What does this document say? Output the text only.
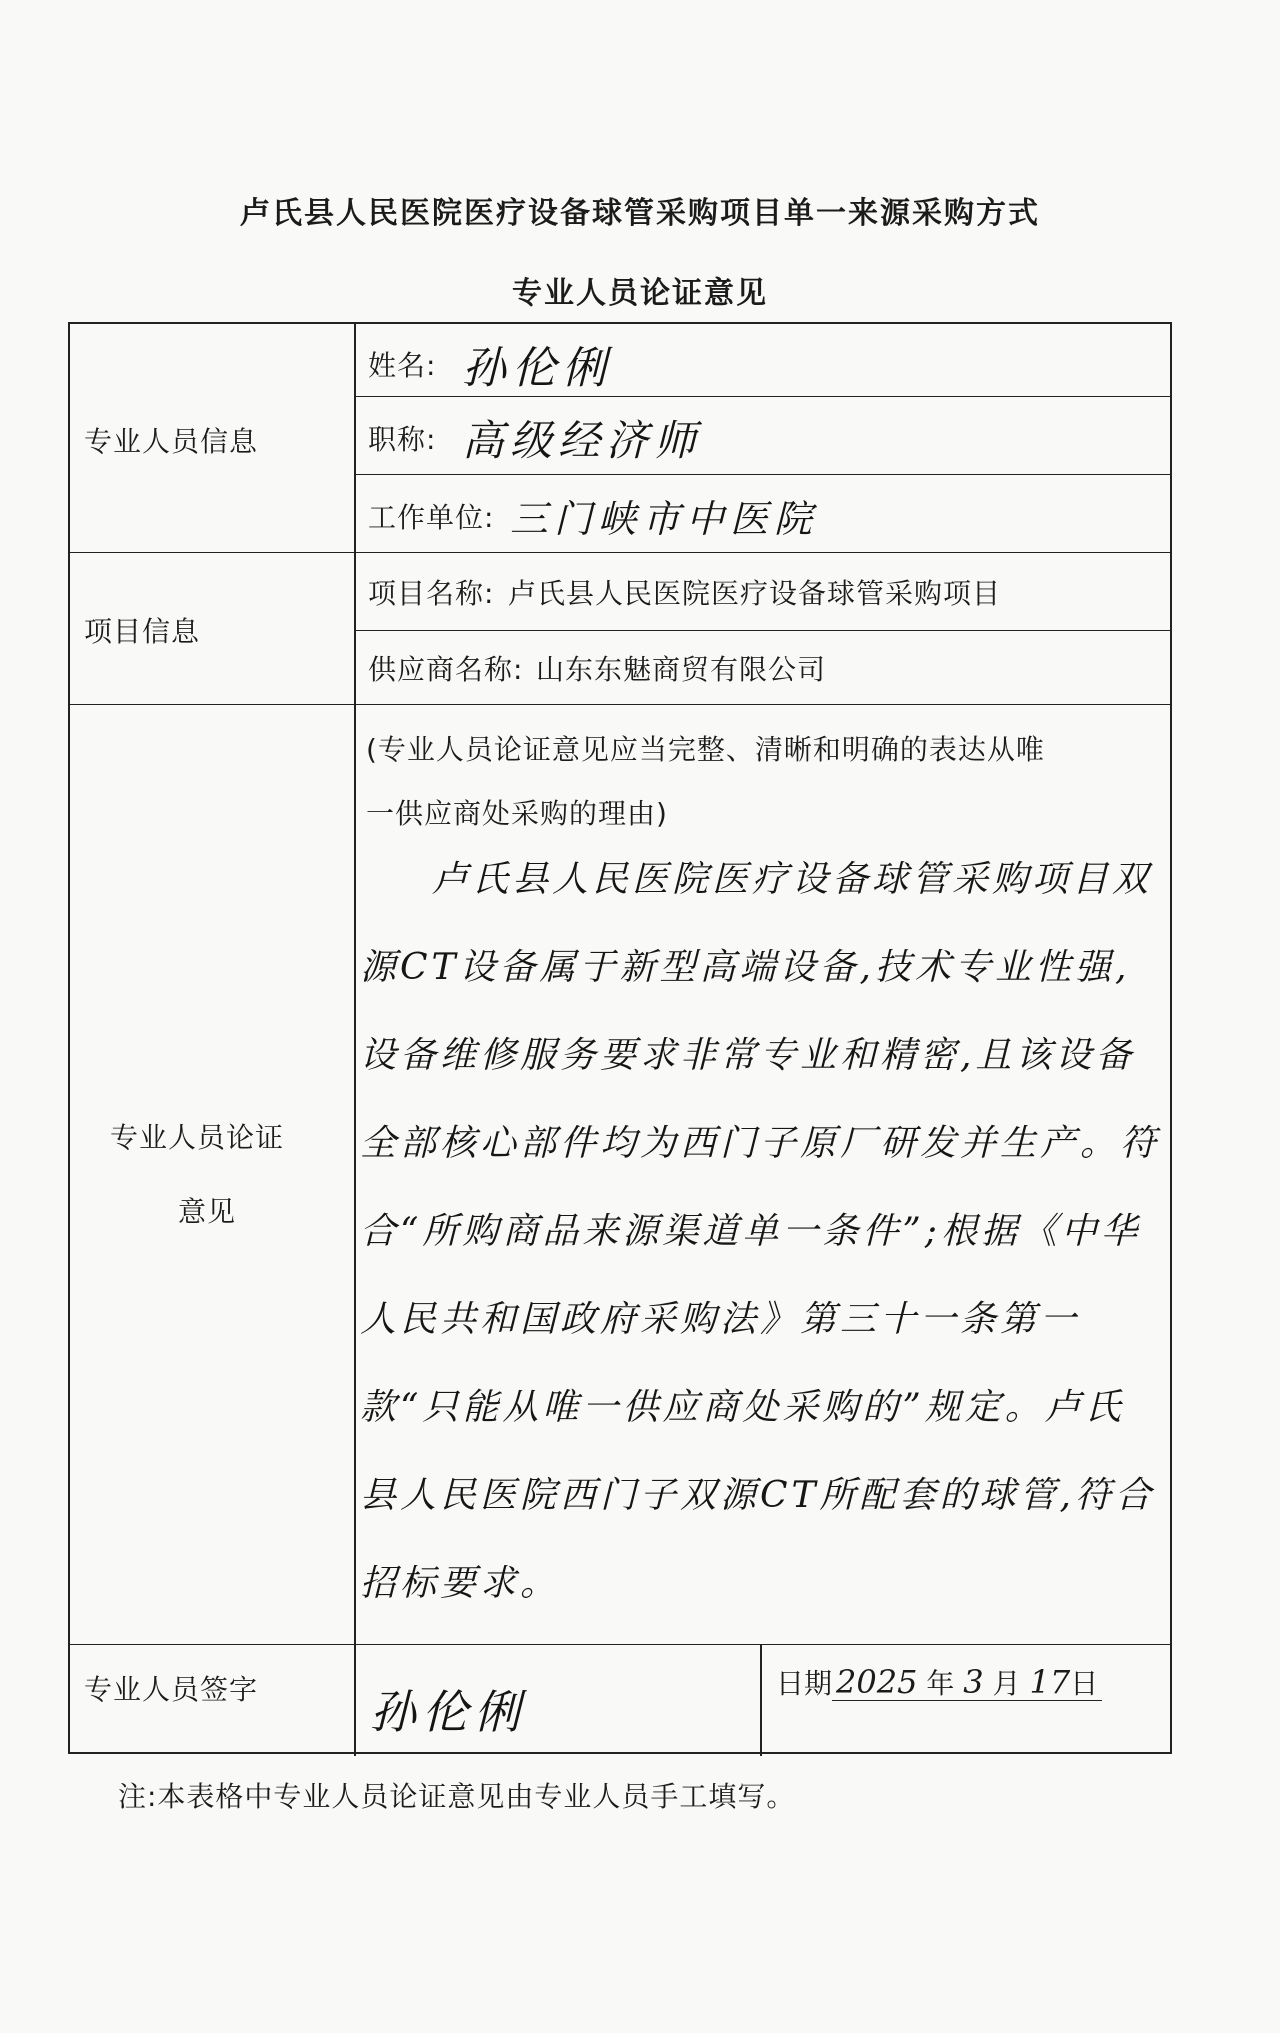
卢氏县人民医院医疗设备球管采购项目单一来源采购方式
专业人员论证意见
专业人员信息
姓名: 孙伦俐
职称: 高级经济师
工作单位: 三门峡市中医院
项目信息
项目名称: 卢氏县人民医院医疗设备球管采购项目
供应商名称: 山东东魅商贸有限公司
专业人员论证
意见
(专业人员论证意见应当完整、清晰和明确的表达从唯
一供应商处采购的理由)
卢氏县人民医院医疗设备球管采购项目双源CT设备属于新型高端设备,技术专业性强,设备维修服务要求非常专业和精密,且该设备全部核心部件均为西门子原厂研发并生产。符合“所购商品来源渠道单一条件”;根据《中华人民共和国政府采购法》第三十一条第一款“只能从唯一供应商处采购的”规定。卢氏县人民医院西门子双源CT所配套的球管,符合招标要求。
专业人员签字 孙伦俐
日期 2025 年 3 月 17日
注:本表格中专业人员论证意见由专业人员手工填写。
